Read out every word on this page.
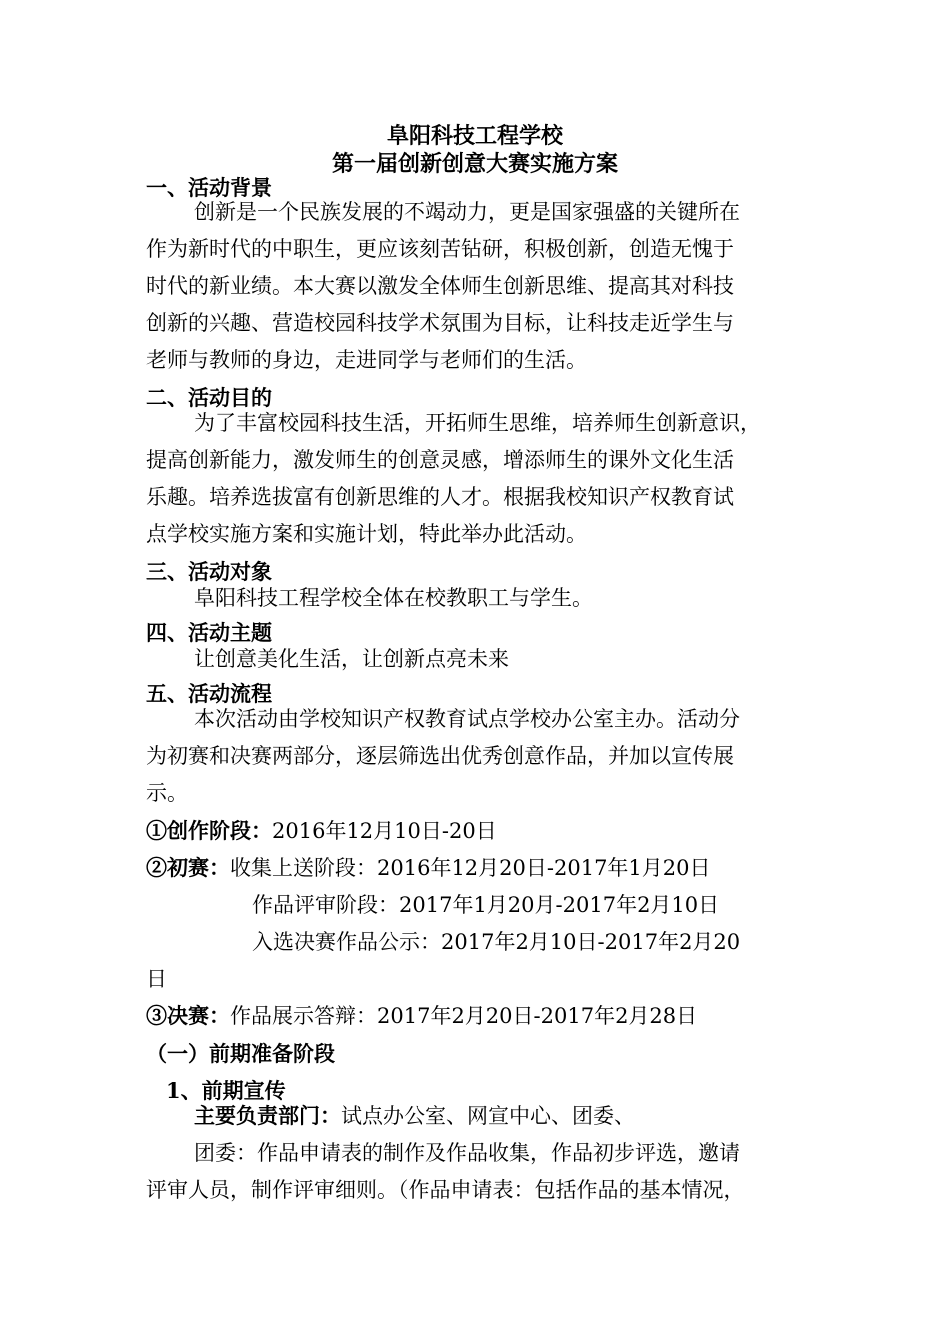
阜阳科技工程学校
第一届创新创意大赛实施方案
一、活动背景
创新是一个民族发展的不竭动力，更是国家强盛的关键所在
作为新时代的中职生，更应该刻苦钻研，积极创新，创造无愧于
时代的新业绩。本大赛以激发全体师生创新思维、提高其对科技
创新的兴趣、营造校园科技学术氛围为目标，让科技走近学生与
老师与教师的身边，走进同学与老师们的生活。
二、活动目的
为了丰富校园科技生活，开拓师生思维，培养师生创新意识，
提高创新能力，激发师生的创意灵感，增添师生的课外文化生活
乐趣。培养选拔富有创新思维的人才。根据我校知识产权教育试
点学校实施方案和实施计划，特此举办此活动。
三、活动对象
阜阳科技工程学校全体在校教职工与学生。
四、活动主题
让创意美化生活，让创新点亮未来
五、活动流程
本次活动由学校知识产权教育试点学校办公室主办。活动分
为初赛和决赛两部分，逐层筛选出优秀创意作品，并加以宣传展
示。
①创作阶段：2016年12月10日-20日
②初赛：收集上送阶段：2016年12月20日-2017年1月20日
作品评审阶段：2017年1月20月-2017年2月10日
入选决赛作品公示：2017年2月10日-2017年2月20
日
③决赛：作品展示答辩：2017年2月20日-2017年2月28日
（一）前期准备阶段
1、前期宣传
主要负责部门：试点办公室、网宣中心、团委、
团委：作品申请表的制作及作品收集，作品初步评选，邀请
评审人员，制作评审细则。（作品申请表：包括作品的基本情况，
